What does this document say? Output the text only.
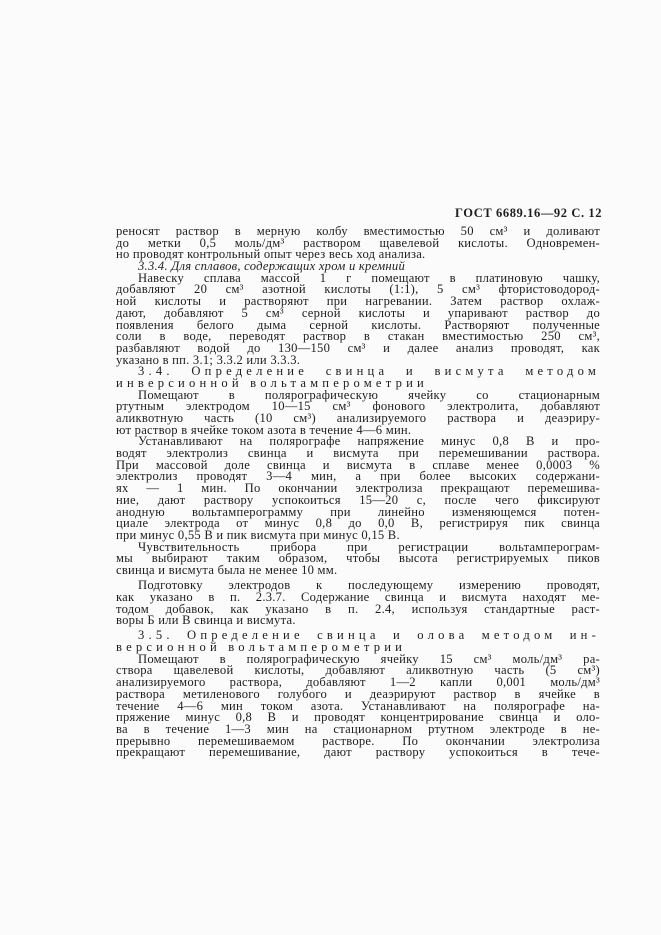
ГОСТ 6689.16—92 С. 12
реносят раствор в мерную колбу вместимостью 50 см³ и доливают
до метки 0,5 моль/дм³ раствором щавелевой кислоты. Одновремен-
но проводят контрольный опыт через весь ход анализа.
3.3.4. Для сплавов, содержащих хром и кремний
Навеску сплава массой 1 г помещают в платиновую чашку,
добавляют 20 см³ азотной кислоты (1:1), 5 см³ фтористоводород-
ной кислоты и растворяют при нагревании. Затем раствор охлаж-
дают, добавляют 5 см³ серной кислоты и упаривают раствор до
появления белого дыма серной кислоты. Растворяют полученные
соли в воде, переводят раствор в стакан вместимостью 250 см³,
разбавляют водой до 130—150 см³ и далее анализ проводят, как
указано в пп. 3.1; 3.3.2 или 3.3.3.
3.4. Определение свинца и висмута методом
инверсионной вольтамперометрии
Помещают в полярографическую ячейку со стационарным
ртутным электродом 10—15 см³ фонового электролита, добавляют
аликвотную часть (10 см³) анализируемого раствора и деаэриру-
ют раствор в ячейке током азота в течение 4—6 мин.
Устанавливают на полярографе напряжение минус 0,8 В и про-
водят электролиз свинца и висмута при перемешивании раствора.
При массовой доле свинца и висмута в сплаве менее 0,0003 %
электролиз проводят 3—4 мин, а при более высоких содержани-
ях — 1 мин. По окончании электролиза прекращают перемешива-
ние, дают раствору успокоиться 15—20 с, после чего фиксируют
анодную вольтамперограмму при линейно изменяющемся потен-
циале электрода от минус 0,8 до 0,0 В, регистрируя пик свинца
при минус 0,55 В и пик висмута при минус 0,15 В.
Чувствительность прибора при регистрации вольтамперограм-
мы выбирают таким образом, чтобы высота регистрируемых пиков
свинца и висмута была не менее 10 мм.
Подготовку электродов к последующему измерению проводят,
как указано в п. 2.3.7. Содержание свинца и висмута находят ме-
тодом добавок, как указано в п. 2.4, используя стандартные раст-
воры Б или В свинца и висмута.
3.5. Определение свинца и олова методом ин-
версионной вольтамперометрии
Помещают в полярографическую ячейку 15 см³ моль/дм³ ра-
створа щавелевой кислоты, добавляют аликвотную часть (5 см³)
анализируемого раствора, добавляют 1—2 капли 0,001 моль/дм³
раствора метиленового голубого и деаэрируют раствор в ячейке в
течение 4—6 мин током азота. Устанавливают на полярографе на-
пряжение минус 0,8 В и проводят концентрирование свинца и оло-
ва в течение 1—3 мин на стационарном ртутном электроде в не-
прерывно перемешиваемом растворе. По окончании электролиза
прекращают перемешивание, дают раствору успокоиться в тече-
